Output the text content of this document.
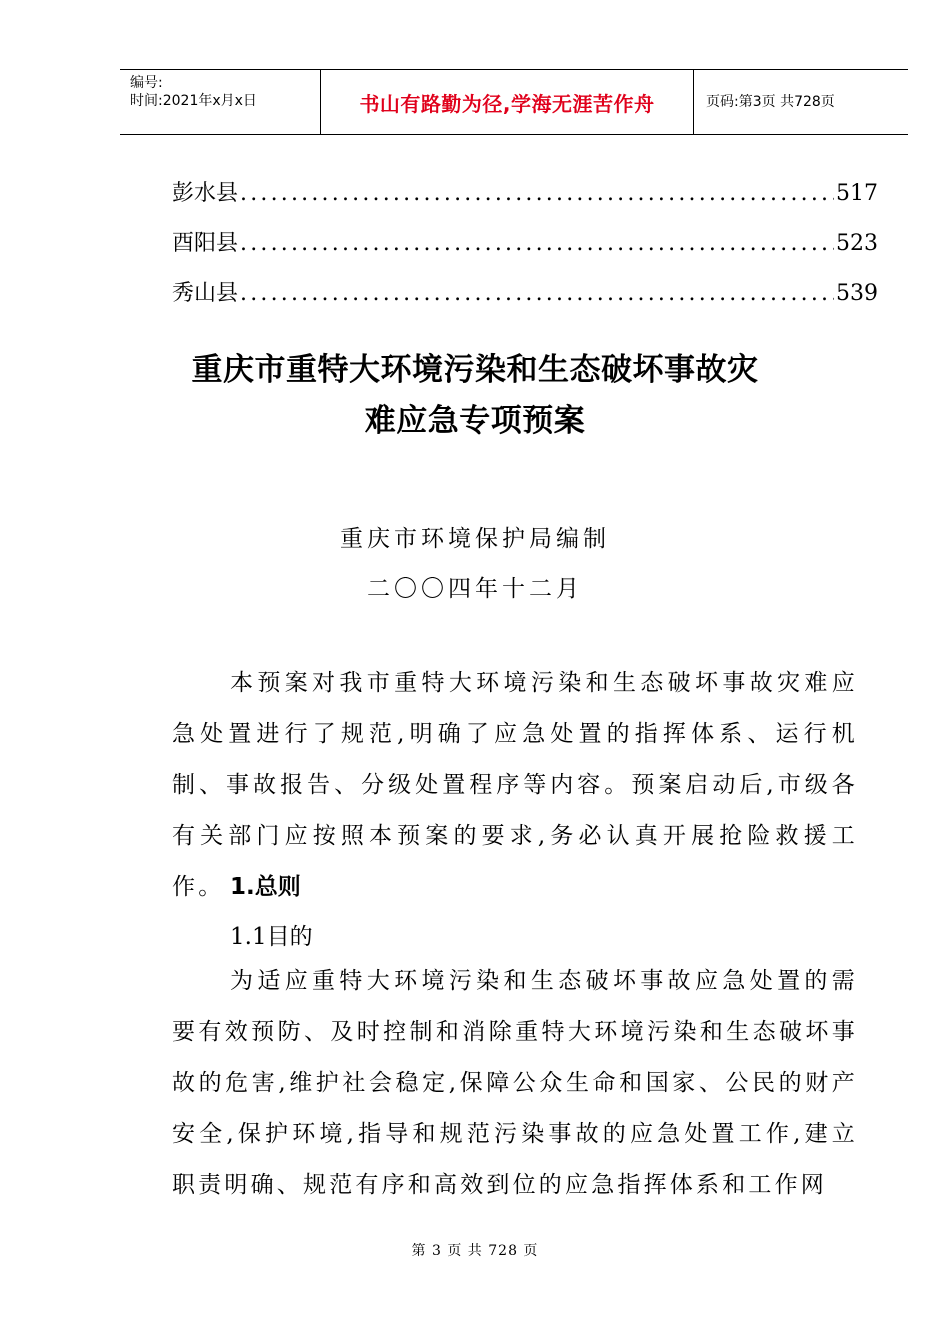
编号:
时间:2021年x月x日	书山有路勤为径,学海无涯苦作舟	页码:第3页 共728页
彭水县 .....	517
酉阳县 .....	523
秀山县 .....	539
重庆市重特大环境污染和生态破坏事故灾
难应急专项预案
重庆市环境保护局编制
二〇〇四年十二月

本预案对我市重特大环境污染和生态破坏事故灾难应急处置进行了规范,明确了应急处置的指挥体系、运行机制、事故报告、分级处置程序等内容。预案启动后,市级各有关部门应按照本预案的要求,务必认真开展抢险救援工作。 1.总则
1.1目的

为适应重特大环境污染和生态破坏事故应急处置的需要有效预防、及时控制和消除重特大环境污染和生态破坏事故的危害,维护社会稳定,保障公众生命和国家、公民的财产安全,保护环境,指导和规范污染事故的应急处置工作,建立职责明确、规范有序和高效到位的应急指挥体系和工作网

第 3 页 共 728 页
